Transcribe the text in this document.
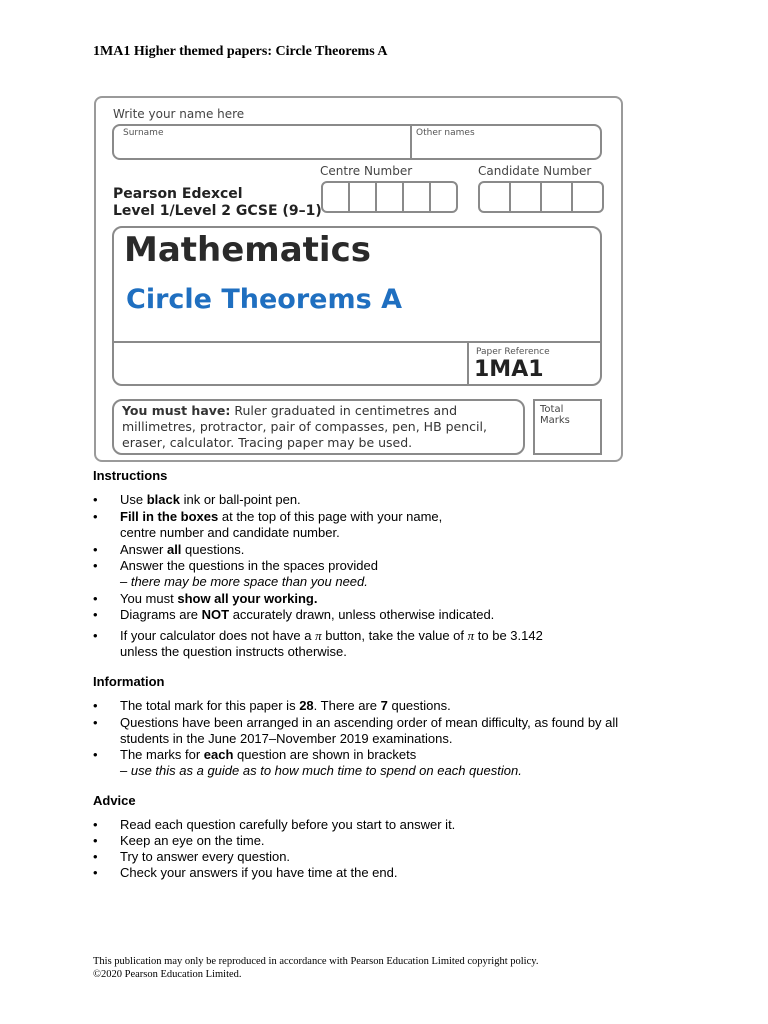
1MA1 Higher themed papers: Circle Theorems A
Write your name here
Surname	Other names
Centre Number	Candidate Number
Pearson Edexcel
Level 1/Level 2 GCSE (9–1)
Mathematics
Circle Theorems A
Paper Reference
1MA1
You must have: Ruler graduated in centimetres and millimetres, protractor, pair of compasses, pen, HB pencil, eraser, calculator. Tracing paper may be used.
Total Marks
Instructions
• Use black ink or ball-point pen.
• Fill in the boxes at the top of this page with your name,
centre number and candidate number.
• Answer all questions.
• Answer the questions in the spaces provided
– there may be more space than you need.
• You must show all your working.
• Diagrams are NOT accurately drawn, unless otherwise indicated.
• If your calculator does not have a π button, take the value of π to be 3.142
unless the question instructs otherwise.
Information
• The total mark for this paper is 28. There are 7 questions.
• Questions have been arranged in an ascending order of mean difficulty, as found by all
students in the June 2017–November 2019 examinations.
• The marks for each question are shown in brackets
– use this as a guide as to how much time to spend on each question.
Advice
• Read each question carefully before you start to answer it.
• Keep an eye on the time.
• Try to answer every question.
• Check your answers if you have time at the end.
This publication may only be reproduced in accordance with Pearson Education Limited copyright policy.
©2020 Pearson Education Limited.
